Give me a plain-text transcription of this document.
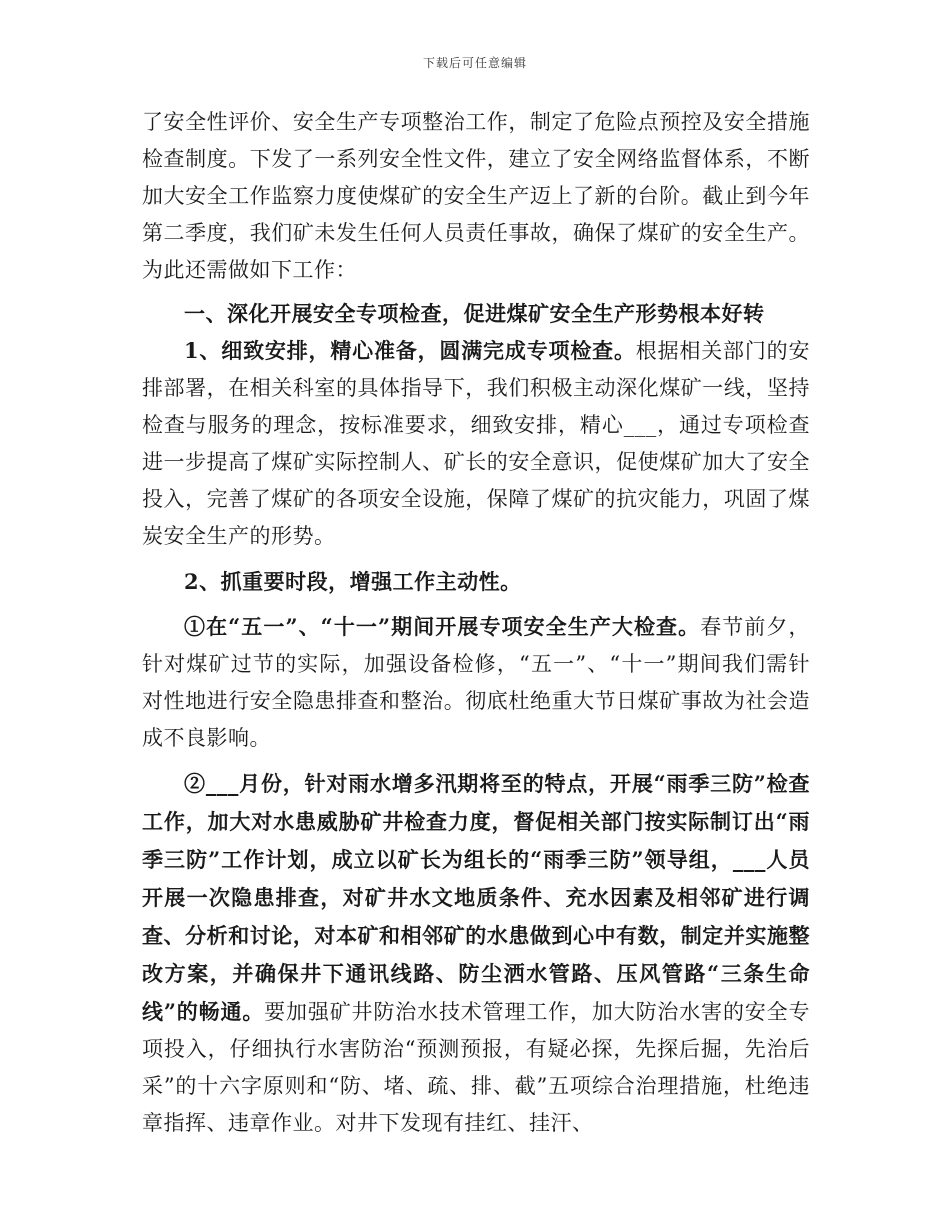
下载后可任意编辑

了安全性评价、安全生产专项整治工作，制定了危险点预控及安全措施检查制度。下发了一系列安全性文件，建立了安全网络监督体系，不断加大安全工作监察力度使煤矿的安全生产迈上了新的台阶。截止到今年第二季度，我们矿未发生任何人员责任事故，确保了煤矿的安全生产。为此还需做如下工作：

一、深化开展安全专项检查，促进煤矿安全生产形势根本好转

1、细致安排，精心准备，圆满完成专项检查。根据相关部门的安排部署，在相关科室的具体指导下，我们积极主动深化煤矿一线，坚持检查与服务的理念，按标准要求，细致安排，精心___，通过专项检查进一步提高了煤矿实际控制人、矿长的安全意识，促使煤矿加大了安全投入，完善了煤矿的各项安全设施，保障了煤矿的抗灾能力，巩固了煤炭安全生产的形势。

2、抓重要时段，增强工作主动性。

①在“五一”、“十一”期间开展专项安全生产大检查。春节前夕，针对煤矿过节的实际，加强设备检修，“五一”、“十一”期间我们需针对性地进行安全隐患排查和整治。彻底杜绝重大节日煤矿事故为社会造成不良影响。

②___月份，针对雨水增多汛期将至的特点，开展“雨季三防”检查工作，加大对水患威胁矿井检查力度，督促相关部门按实际制订出“雨季三防”工作计划，成立以矿长为组长的“雨季三防”领导组，___人员开展一次隐患排查，对矿井水文地质条件、充水因素及相邻矿进行调查、分析和讨论，对本矿和相邻矿的水患做到心中有数，制定并实施整改方案，并确保井下通讯线路、防尘洒水管路、压风管路“三条生命线”的畅通。要加强矿井防治水技术管理工作，加大防治水害的安全专项投入，仔细执行水害防治“预测预报，有疑必探，先探后掘，先治后采”的十六字原则和“防、堵、疏、排、截”五项综合治理措施，杜绝违章指挥、违章作业。对井下发现有挂红、挂汗、
